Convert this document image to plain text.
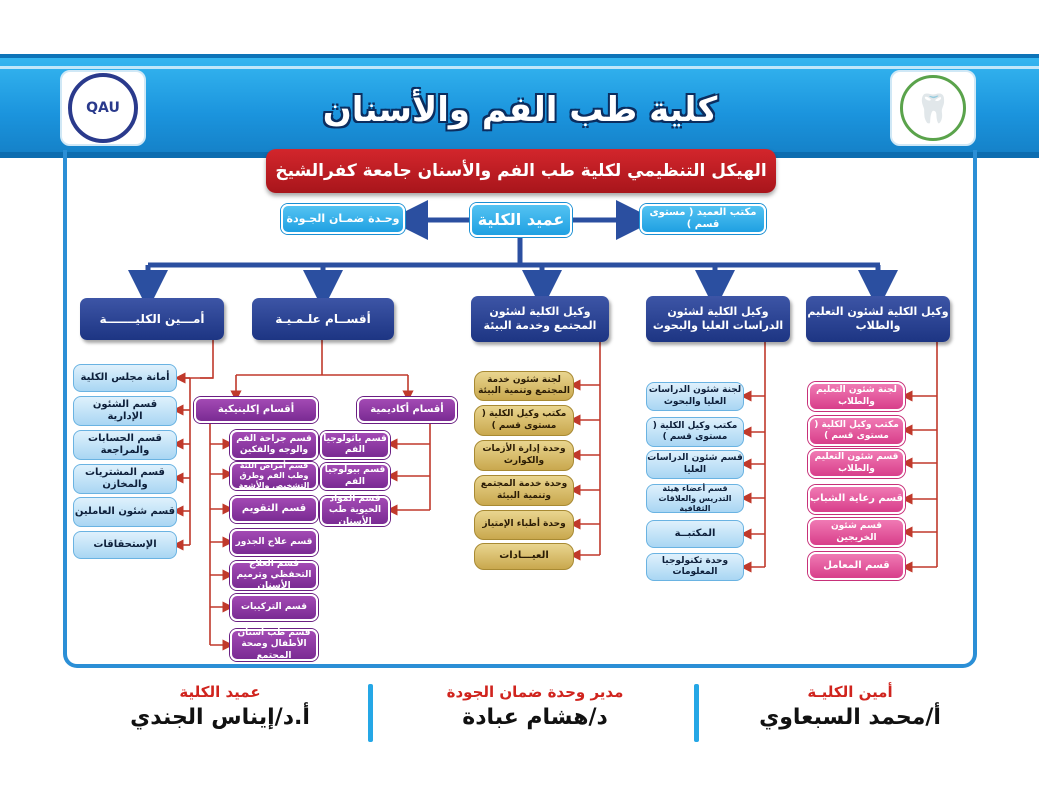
QAU	🦷
كلية طب الفم والأسنان
الهيكل التنظيمي لكلية طب الفم والأسنان جامعة كفرالشيخ
وحـدة ضمـان الجـودة	عميد الكلية	مكتب العميد ( مستوى قسم )
أمـــين الكليـــــــة	أقســام علـمـيـة	وكيل الكلية لشئون المجتمع وخدمة البيئة
وكيل الكلية لشئون الدراسات العليا والبحوث
وكيل الكلية لشئون التعليم والطلاب
أمانة مجلس الكلية
قسم الشئون الإدارية
قسم الحسابات والمراجعة
قسم المشتريات والمخازن
قسم شئون العاملين
الإستحقاقات
أقسام إكلينيكية	أقسام أكاديمية
قسم جراحة الفم والوجه والفكين
قسم أمراض اللثة وطب الفم وطرق التشخيص والأشعة
قسم التقويم
قسم علاج الجذور
قسم العلاج التحفظي وترميم الأسنان
قسم التركيبات
قسم طب أسنان الأطفال وصحة المجتمع
قسم باثولوجيا الفم
قسم بيولوجيا الفم
قسم المواد الحيوية طب الأسنان
لجنة شئون خدمة المجتمع وتنمية البيئة
مكتب وكيل الكلية ( مستوى قسم )
وحدة إدارة الأزمات والكوارث
وحدة خدمة المجتمع وتنمية البيئة
وحدة أطباء الإمتياز
العيـــادات
لجنة شئون الدراسات العليا والبحوث
مكتب وكيل الكلية ( مستوى قسم )
قسم شئون الدراسات العليا
قسم أعضاء هيئة التدريس والعلاقات الثقافية
المكتبــة
وحدة تكنولوجيا المعلومات
لجنة شئون التعليم والطلاب
مكتب وكيل الكلية ( مستوى قسم )
قسم شئون التعليم والطلاب
قسم رعاية الشباب
قسم شئون الخريجين
قسم المعامل
عميد الكلية
أ.د/إيناس الجندي
مدير وحدة ضمان الجودة
د/هشام عبادة
أمين الكليـة
أ/محمد السبعاوي
